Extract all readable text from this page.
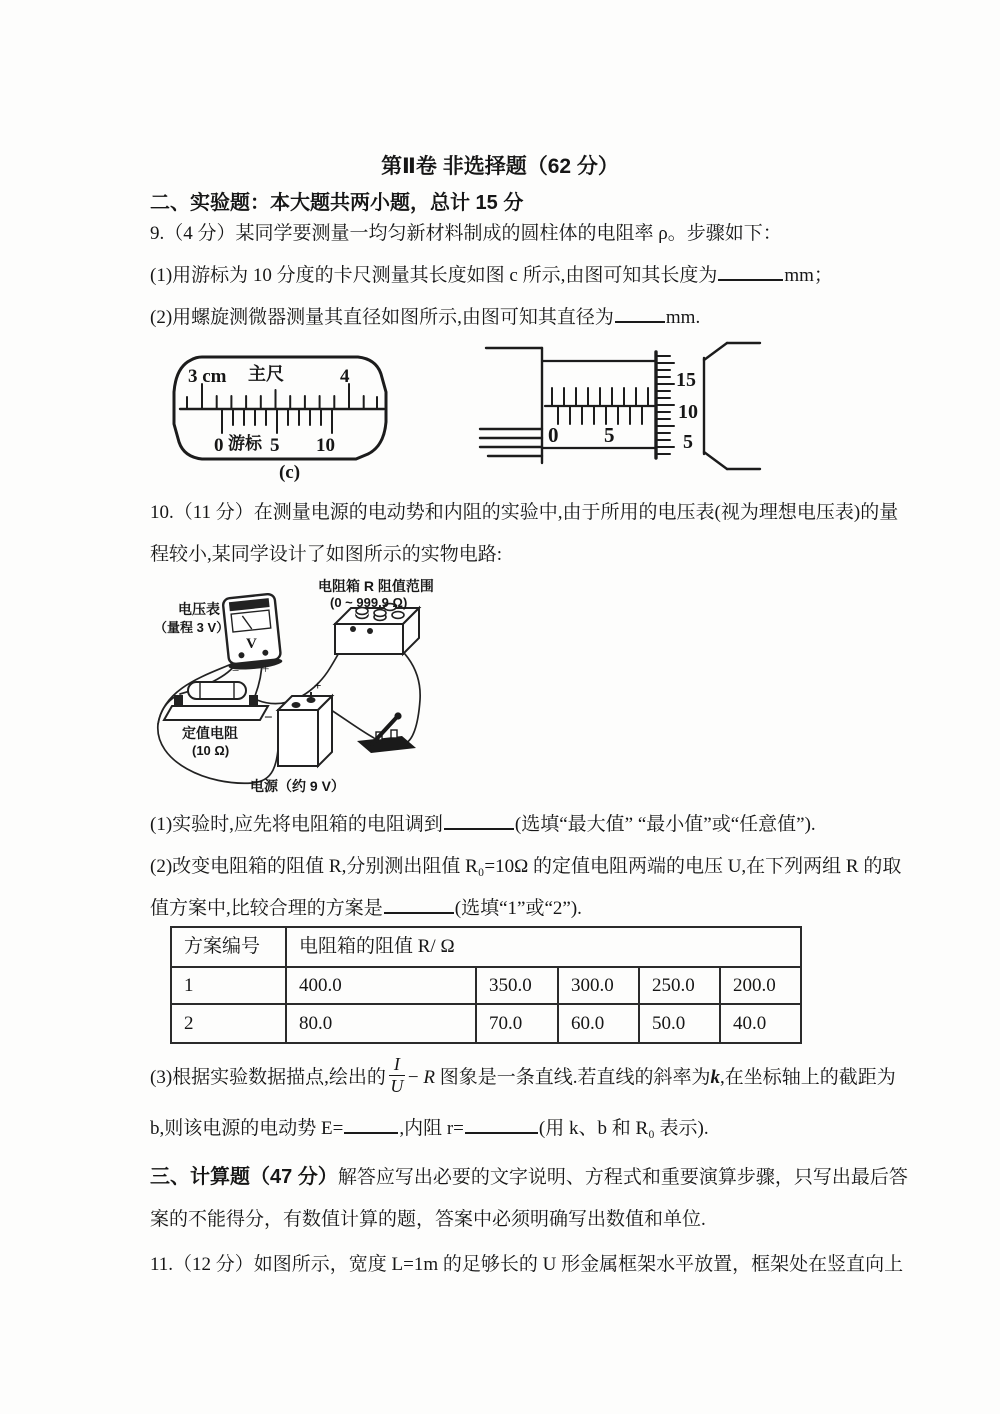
第Ⅱ卷 非选择题（62 分）
二、实验题：本大题共两小题，总计 15 分
9.（4 分）某同学要测量一均匀新材料制成的圆柱体的电阻率 ρ。步骤如下：
(1)用游标为 10 分度的卡尺测量其长度如图 c 所示,由图可知其长度为	mm；
(2)用螺旋测微器测量其直径如图所示,由图可知其直径为	mm.
3 cm 主尺	4
0 游标 5 10
(c)
0 5
15
10
5
10.（11 分）在测量电源的电动势和内阻的实验中,由于所用的电压表(视为理想电压表)的量
程较小,某同学设计了如图所示的实物电路:
V
− +
电压表
（量程 3 V）
电阻箱 R 阻值范围
(0 ~ 999.9 Ω)
定值电阻
(10 Ω)
+
−
电源（约 9 V）
(1)实验时,应先将电阻箱的电阻调到	(选填“最大值” “最小值”或“任意值”).
(2)改变电阻箱的阻值 R,分别测出阻值 R₀=10Ω 的定值电阻两端的电压 U,在下列两组 R 的取
值方案中,比较合理的方案是	(选填“1”或“2”).
方案编号	电阻箱的阻值 R/ Ω				
1	400.0	350.0	300.0	250.0	200.0
2	80.0	70.0	60.0	50.0	40.0
(3)根据实验数据描点,绘出的 $\frac{I}{U} - R$ 图象是一条直线.若直线的斜率为k,在坐标轴上的截距为
b,则该电源的电动势 E=	,内阻 r=	(用 k、b 和 R₀ 表示).
三、计算题（47 分）解答应写出必要的文字说明、方程式和重要演算步骤，只写出最后答
案的不能得分，有数值计算的题，答案中必须明确写出数值和单位.
11.（12 分）如图所示，宽度 L=1m 的足够长的 U 形金属框架水平放置，框架处在竖直向上
